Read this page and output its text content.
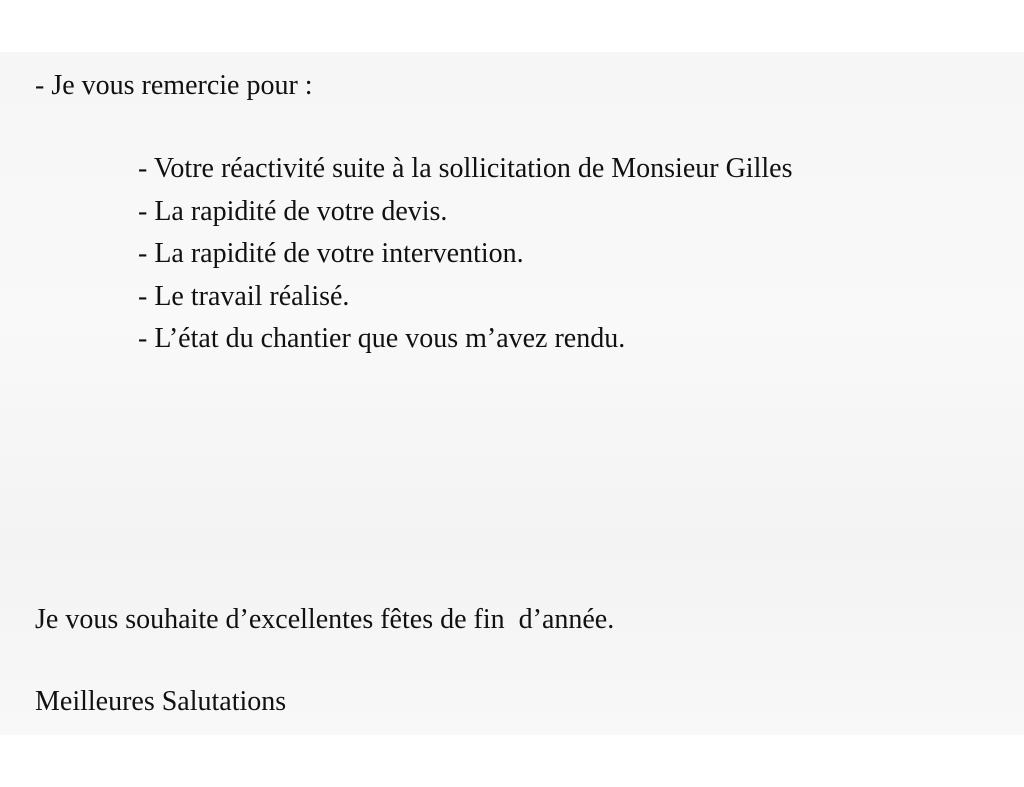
- Je vous remercie pour :

- Votre réactivité suite à la sollicitation de Monsieur Gilles
- La rapidité de votre devis.
- La rapidité de votre intervention.
- Le travail réalisé.
- L’état du chantier que vous m’avez rendu.

Je vous souhaite d’excellentes fêtes de fin  d’année.

Meilleures Salutations
